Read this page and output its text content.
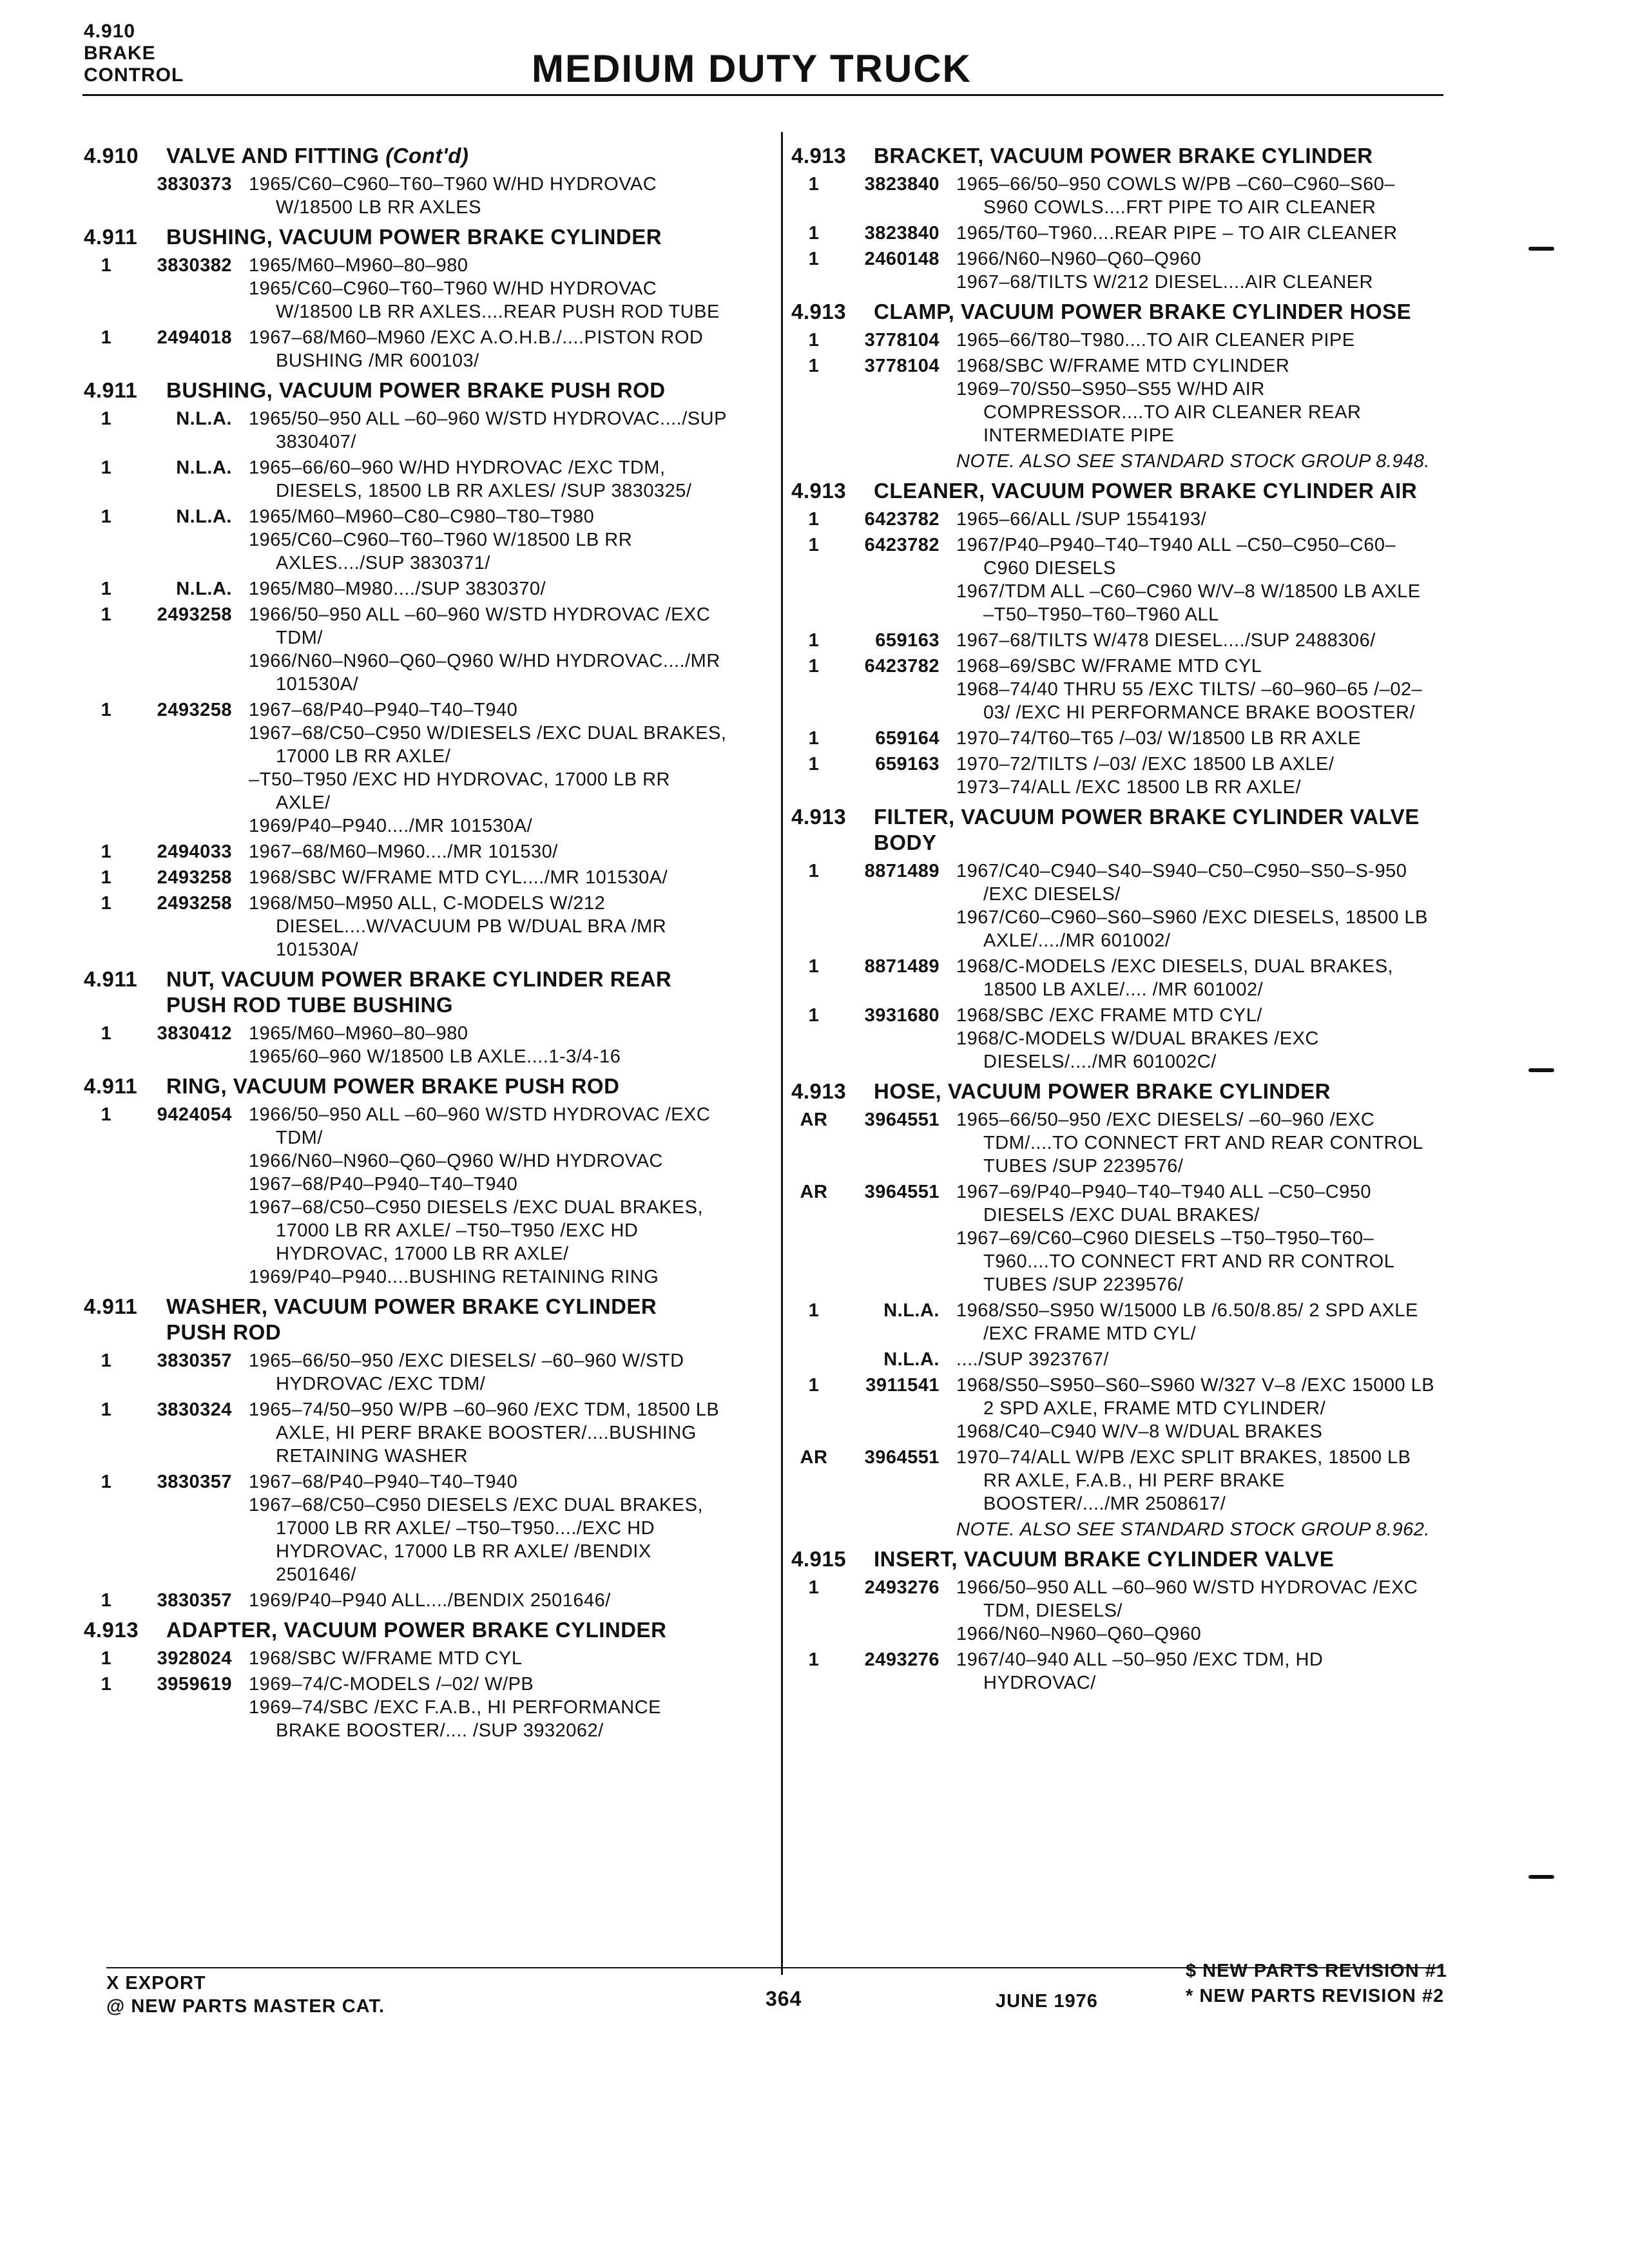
4.910
BRAKE
CONTROL	MEDIUM DUTY TRUCK
4.910	VALVE AND FITTING (Cont'd)
3830373 1965/C60–C960–T60–T960 W/HD HYDROVAC W/18500 LB RR AXLES
4.911	BUSHING, VACUUM POWER BRAKE CYLINDER
1	3830382 1965/M60–M960–80–980
1965/C60–C960–T60–T960 W/HD HYDROVAC W/18500 LB RR AXLES....REAR PUSH ROD TUBE
1	2494018 1967–68/M60–M960 /EXC A.O.H.B./....PISTON ROD BUSHING /MR 600103/
4.911	BUSHING, VACUUM POWER BRAKE PUSH ROD
1	N.L.A. 1965/50–950 ALL –60–960 W/STD HYDROVAC..../SUP 3830407/
1	N.L.A. 1965–66/60–960 W/HD HYDROVAC /EXC TDM, DIESELS, 18500 LB RR AXLES/ /SUP 3830325/
1	N.L.A. 1965/M60–M960–C80–C980–T80–T980
1965/C60–C960–T60–T960 W/18500 LB RR AXLES..../SUP 3830371/
1	N.L.A. 1965/M80–M980..../SUP 3830370/
1	2493258 1966/50–950 ALL –60–960 W/STD HYDROVAC /EXC TDM/
1966/N60–N960–Q60–Q960 W/HD HYDROVAC..../MR 101530A/
1	2493258 1967–68/P40–P940–T40–T940
1967–68/C50–C950 W/DIESELS /EXC DUAL BRAKES, 17000 LB RR AXLE/
–T50–T950 /EXC HD HYDROVAC, 17000 LB RR AXLE/
1969/P40–P940..../MR 101530A/
1	2494033 1967–68/M60–M960..../MR 101530/
1	2493258 1968/SBC W/FRAME MTD CYL..../MR 101530A/
1	2493258 1968/M50–M950 ALL, C-MODELS W/212 DIESEL....W/VACUUM PB W/DUAL BRA /MR 101530A/
4.911	NUT, VACUUM POWER BRAKE CYLINDER REAR
PUSH ROD TUBE BUSHING
1	3830412 1965/M60–M960–80–980
1965/60–960 W/18500 LB AXLE....1-3/4-16
4.911	RING, VACUUM POWER BRAKE PUSH ROD
1	9424054 1966/50–950 ALL –60–960 W/STD HYDROVAC /EXC TDM/
1966/N60–N960–Q60–Q960 W/HD HYDROVAC
1967–68/P40–P940–T40–T940
1967–68/C50–C950 DIESELS /EXC DUAL BRAKES, 17000 LB RR AXLE/ –T50–T950 /EXC HD HYDROVAC, 17000 LB RR AXLE/
1969/P40–P940....BUSHING RETAINING RING
4.911	WASHER, VACUUM POWER BRAKE CYLINDER
PUSH ROD
1	3830357 1965–66/50–950 /EXC DIESELS/ –60–960 W/STD HYDROVAC /EXC TDM/
1	3830324 1965–74/50–950 W/PB –60–960 /EXC TDM, 18500 LB AXLE, HI PERF BRAKE BOOSTER/....BUSHING RETAINING WASHER
1	3830357 1967–68/P40–P940–T40–T940
1967–68/C50–C950 DIESELS /EXC DUAL BRAKES, 17000 LB RR AXLE/ –T50–T950..../EXC HD HYDROVAC, 17000 LB RR AXLE/ /BENDIX 2501646/
1	3830357 1969/P40–P940 ALL..../BENDIX 2501646/
4.913	ADAPTER, VACUUM POWER BRAKE CYLINDER
1	3928024 1968/SBC W/FRAME MTD CYL
1	3959619 1969–74/C-MODELS /–02/ W/PB
1969–74/SBC /EXC F.A.B., HI PERFORMANCE BRAKE BOOSTER/.... /SUP 3932062/
4.913	BRACKET, VACUUM POWER BRAKE CYLINDER
1	3823840 1965–66/50–950 COWLS W/PB –C60–C960–S60–S960 COWLS....FRT PIPE TO AIR CLEANER
1	3823840 1965/T60–T960....REAR PIPE – TO AIR CLEANER
1	2460148 1966/N60–N960–Q60–Q960
1967–68/TILTS W/212 DIESEL....AIR CLEANER
4.913	CLAMP, VACUUM POWER BRAKE CYLINDER HOSE
1	3778104 1965–66/T80–T980....TO AIR CLEANER PIPE
1	3778104 1968/SBC W/FRAME MTD CYLINDER
1969–70/S50–S950–S55 W/HD AIR COMPRESSOR....TO AIR CLEANER REAR INTERMEDIATE PIPE
NOTE. ALSO SEE STANDARD STOCK GROUP 8.948.
4.913	CLEANER, VACUUM POWER BRAKE CYLINDER AIR
1	6423782 1965–66/ALL /SUP 1554193/
1	6423782 1967/P40–P940–T40–T940 ALL –C50–C950–C60–C960 DIESELS
1967/TDM ALL –C60–C960 W/V–8 W/18500 LB AXLE –T50–T950–T60–T960 ALL
1	659163 1967–68/TILTS W/478 DIESEL..../SUP 2488306/
1	6423782 1968–69/SBC W/FRAME MTD CYL
1968–74/40 THRU 55 /EXC TILTS/ –60–960–65 /–02–03/ /EXC HI PERFORMANCE BRAKE BOOSTER/
1	659164 1970–74/T60–T65 /–03/ W/18500 LB RR AXLE
1	659163 1970–72/TILTS /–03/ /EXC 18500 LB AXLE/
1973–74/ALL /EXC 18500 LB RR AXLE/
4.913	FILTER, VACUUM POWER BRAKE CYLINDER VALVE
BODY
1	8871489 1967/C40–C940–S40–S940–C50–C950–S50–S-950 /EXC DIESELS/
1967/C60–C960–S60–S960 /EXC DIESELS, 18500 LB AXLE/..../MR 601002/
1	8871489 1968/C-MODELS /EXC DIESELS, DUAL BRAKES, 18500 LB AXLE/.... /MR 601002/
1	3931680 1968/SBC /EXC FRAME MTD CYL/
1968/C-MODELS W/DUAL BRAKES /EXC DIESELS/..../MR 601002C/
4.913	HOSE, VACUUM POWER BRAKE CYLINDER
AR	3964551 1965–66/50–950 /EXC DIESELS/ –60–960 /EXC TDM/....TO CONNECT FRT AND REAR CONTROL TUBES /SUP 2239576/
AR	3964551 1967–69/P40–P940–T40–T940 ALL –C50–C950 DIESELS /EXC DUAL BRAKES/
1967–69/C60–C960 DIESELS –T50–T950–T60–T960....TO CONNECT FRT AND RR CONTROL TUBES /SUP 2239576/
1	N.L.A. 1968/S50–S950 W/15000 LB /6.50/8.85/ 2 SPD AXLE /EXC FRAME MTD CYL/
N.L.A. ..../SUP 3923767/
1	3911541 1968/S50–S950–S60–S960 W/327 V–8 /EXC 15000 LB 2 SPD AXLE, FRAME MTD CYLINDER/
1968/C40–C940 W/V–8 W/DUAL BRAKES
AR	3964551 1970–74/ALL W/PB /EXC SPLIT BRAKES, 18500 LB RR AXLE, F.A.B., HI PERF BRAKE BOOSTER/..../MR 2508617/
NOTE. ALSO SEE STANDARD STOCK GROUP 8.962.
4.915	INSERT, VACUUM BRAKE CYLINDER VALVE
1	2493276 1966/50–950 ALL –60–960 W/STD HYDROVAC /EXC TDM, DIESELS/
1966/N60–N960–Q60–Q960
1	2493276 1967/40–940 ALL –50–950 /EXC TDM, HD HYDROVAC/
X EXPORT
@ NEW PARTS MASTER CAT.	364	JUNE 1976
$ NEW PARTS REVISION #1
* NEW PARTS REVISION #2
